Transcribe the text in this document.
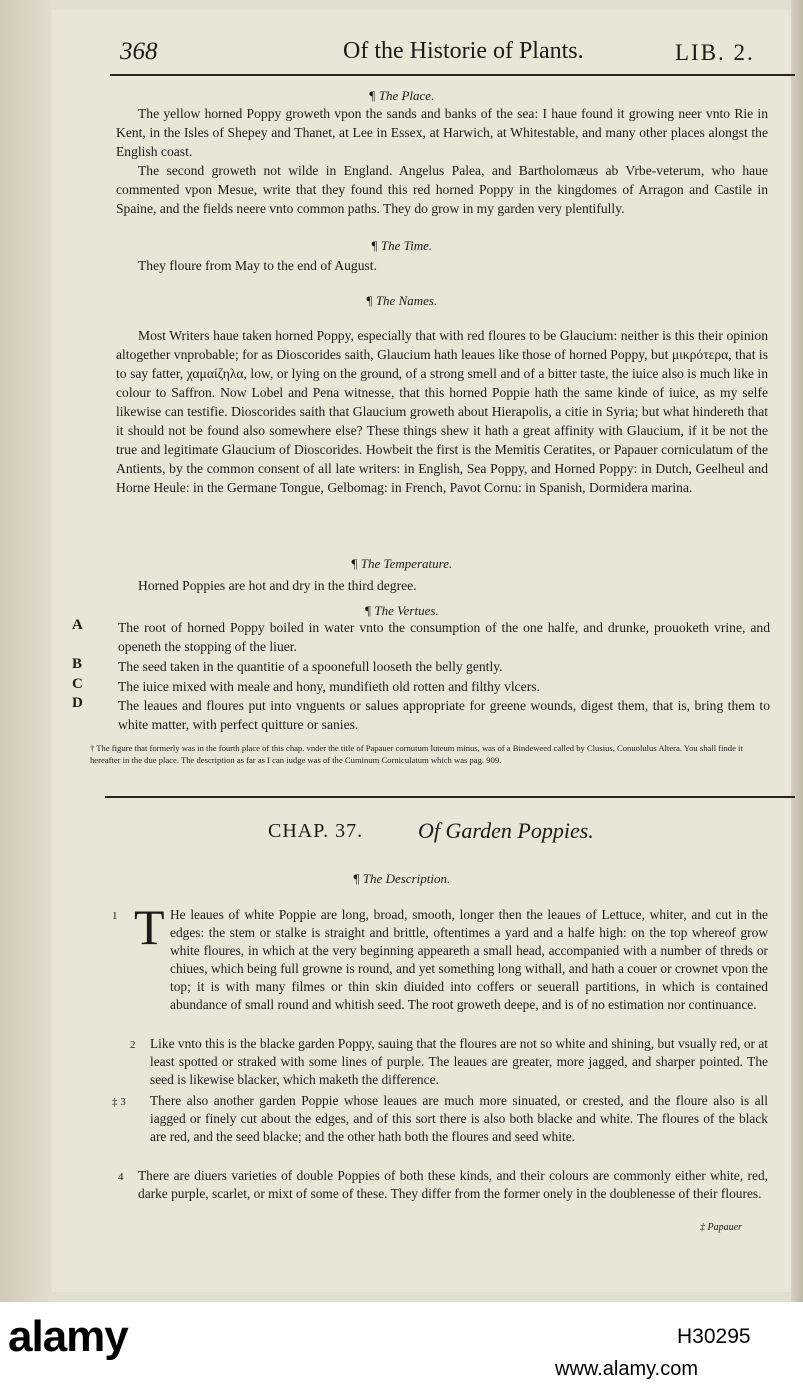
368	Of the Historie of Plants.	LIB. 2.
¶ The Place.

The yellow horned Poppy groweth vpon the sands and banks of the sea: I haue found it growing neer vnto Rie in Kent, in the Isles of Shepey and Thanet, at Lee in Essex, at Harwich, at Whitestable, and many other places alongst the English coast.

The second groweth not wilde in England. Angelus Palea, and Bartholomæus ab Vrbe-veterum, who haue commented vpon Mesue, write that they found this red horned Poppy in the kingdomes of Arragon and Castile in Spaine, and the fields neere vnto common paths. They do grow in my garden very plentifully.

¶ The Time.

They floure from May to the end of August.

¶ The Names.

Most Writers haue taken horned Poppy, especially that with red floures to be Glaucium: neither is this their opinion altogether vnprobable; for as Dioscorides saith, Glaucium hath leaues like those of horned Poppy, but μικρότερα, that is to say fatter, χαμαίζηλα, low, or lying on the ground, of a strong smell and of a bitter taste, the iuice also is much like in colour to Saffron. Now Lobel and Pena witnesse, that this horned Poppie hath the same kinde of iuice, as my selfe likewise can testifie. Dioscorides saith that Glaucium groweth about Hierapolis, a citie in Syria; but what hindereth that it should not be found also somewhere else? These things shew it hath a great affinity with Glaucium, if it be not the true and legitimate Glaucium of Dioscorides. Howbeit the first is the Memitis Ceratites, or Papauer corniculatum of the Antients, by the common consent of all late writers: in English, Sea Poppy, and Horned Poppy: in Dutch, Geelheul and Horne Heule: in the Germane Tongue, Gelbomag: in French, Pavot Cornu: in Spanish, Dormidera marina.

¶ The Temperature.

Horned Poppies are hot and dry in the third degree.

¶ The Vertues.
A	The root of horned Poppy boiled in water vnto the consumption of the one halfe, and drunke, prouoketh vrine, and openeth the stopping of the liuer.

B	The seed taken in the quantitie of a spoonefull looseth the belly gently.

C	The iuice mixed with meale and hony, mundifieth old rotten and filthy vlcers.

D	The leaues and floures put into vnguents or salues appropriate for greene wounds, digest them, that is, bring them to white matter, with perfect quitture or sanies.

† The figure that formerly was in the fourth place of this chap. vnder the title of Papauer cornutum luteum minus, was of a Bindeweed called by Clusius, Conuolulus Altera. You shall finde it hereafter in the due place. The description as far as I can iudge was of the Cuminum Corniculatum which was pag. 909.

CHAP. 37. Of Garden Poppies.
¶ The Description.
T
1	He leaues of white Poppie are long, broad, smooth, longer then the leaues of Lettuce, whiter, and cut in the edges: the stem or stalke is straight and brittle, oftentimes a yard and a halfe high: on the top whereof grow white floures, in which at the very beginning appeareth a small head, accompanied with a number of threds or chiues, which being full growne is round, and yet something long withall, and hath a couer or crownet vpon the top; it is with many filmes or thin skin diuided into coffers or seuerall partitions, in which is contained abundance of small round and whitish seed. The root groweth deepe, and is of no estimation nor continuance.

2 Like vnto this is the blacke garden Poppy, sauing that the floures are not so white and shining, but vsually red, or at least spotted or straked with some lines of purple. The leaues are greater, more jagged, and sharper pointed. The seed is likewise blacker, which maketh the difference.

‡ 3 There also another garden Poppie whose leaues are much more sinuated, or crested, and the floure also is all iagged or finely cut about the edges, and of this sort there is also both blacke and white. The floures of the black are red, and the seed blacke; and the other hath both the floures and seed white.

4 There are diuers varieties of double Poppies of both these kinds, and their colours are commonly either white, red, darke purple, scarlet, or mixt of some of these. They differ from the former onely in the doublenesse of their floures.

‡ Papauer
alamy	H30295
www.alamy.com
